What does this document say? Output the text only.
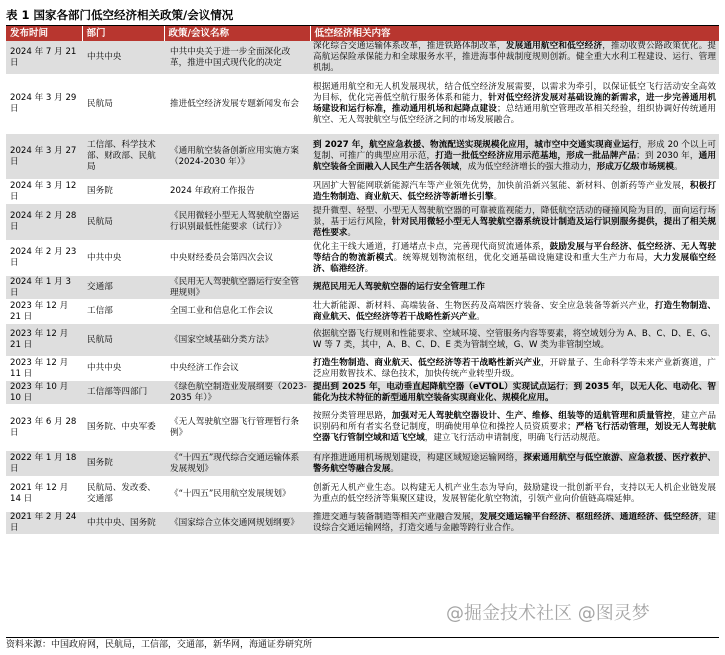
表 1 国家各部门低空经济相关政策/会议情况
发布时间	部门	政策/会议名称	低空经济相关内容
2024 年 7 月 21 日	中共中央	中共中央关于进一步全面深化改革，推进中国式现代化的决定	深化综合交通运输体系改革，推进铁路体制改革，发展通用航空和低空经济，推动收费公路政策优化。提高航运保险承保能力和全球服务水平，推进海事仲裁制度规则创新。健全重大水利工程建设、运行、管理机制。
2024 年 3 月 29 日	民航局	推进低空经济发展专题新闻发布会	根据通用航空和无人机发展现状，结合低空经济发展需要，以需求为牵引，以保证低空飞行活动安全高效为目标，优化完善低空航行服务体系和能力，针对低空经济发展对基础设施的新需求，进一步完善通用机场建设和运行标准，推动通用机场和起降点建设；总结通用航空管理改革相关经验，组织协调好传统通用航空、无人驾驶航空与低空经济之间的市场发展融合。
2024 年 3 月 27 日	工信部、科学技术部、财政部、民航局	《通用航空装备创新应用实施方案（2024-2030 年）》	到 2027 年，航空应急救援、物流配送实现规模化应用，城市空中交通实现商业运行，形成 20 个以上可复制、可推广的典型应用示范，打造一批低空经济应用示范基地，形成一批品牌产品；到 2030 年，通用航空装备全面融入人民生产生活各领域，成为低空经济增长的强大推动力，形成万亿级市场规模。
2024 年 3 月 12 日	国务院	2024 年政府工作报告	巩固扩大智能网联新能源汽车等产业领先优势，加快前沿新兴氢能、新材料、创新药等产业发展，积极打造生物制造、商业航天、低空经济等新增长引擎。
2024 年 2 月 28 日	民航局	《民用微轻小型无人驾驶航空器运行识别最低性能要求（试行）》	提升微型、轻型、小型无人驾驶航空器的可靠被监视能力，降低航空活动的碰撞风险为目的，面向运行场景，基于运行风险，针对民用微轻小型无人驾驶航空器系统设计制造及运行识别服务提供，提出了相关规范性要求。
2024 年 2 月 23 日	中共中央	中央财经委员会第四次会议	优化主干线大通道，打通堵点卡点，完善现代商贸流通体系，鼓励发展与平台经济、低空经济、无人驾驶等结合的物流新模式。统筹规划物流枢纽，优化交通基础设施建设和重大生产力布局，大力发展临空经济、临港经济。
2024 年 1 月 3 日	交通部	《民用无人驾驶航空器运行安全管理规则》	规范民用无人驾驶航空器的运行安全管理工作
2023 年 12 月 21 日	工信部	全国工业和信息化工作会议	壮大新能源、新材料、高端装备、生物医药及高端医疗装备、安全应急装备等新兴产业，打造生物制造、商业航天、低空经济等若干战略性新兴产业。
2023 年 12 月 21 日	民航局	《国家空域基础分类方法》	依据航空器飞行规则和性能要求、空域环境、空管服务内容等要素，将空域划分为 A、B、C、D、E、G、W 等 7 类，其中，A、B、C、D、E 类为管制空域，G、W 类为非管制空域。
2023 年 12 月 11 日	中共中央	中央经济工作会议	打造生物制造、商业航天、低空经济等若干战略性新兴产业，开辟量子、生命科学等未来产业新赛道，广泛应用数智技术、绿色技术，加快传统产业转型升级。
2023 年 10 月 10 日	工信部等四部门	《绿色航空制造业发展纲要（2023-2035 年）》	提出到 2025 年，电动垂直起降航空器（eVTOL）实现试点运行；到 2035 年，以无人化、电动化、智能化为技术特征的新型通用航空装备实现商业化、规模化应用。
2023 年 6 月 28 日	国务院、中央军委	《无人驾驶航空器飞行管理暂行条例》	按照分类管理思路，加强对无人驾驶航空器设计、生产、维修、组装等的适航管理和质量管控，建立产品识别码和所有者实名登记制度，明确使用单位和操控人员资质要求；严格飞行活动管理，划设无人驾驶航空器飞行管制空域和适飞空域，建立飞行活动申请制度，明确飞行活动规范。
2022 年 1 月 18 日	国务院	《“十四五”现代综合交通运输体系发展规划》	有序推进通用机场规划建设，构建区域短途运输网络，探索通用航空与低空旅游、应急救援、医疗救护、警务航空等融合发展。
2021 年 12 月 14 日	民航局、发改委、交通部	《“十四五”民用航空发展规划》	创新无人机产业生态。以构建无人机产业生态为导向，鼓励建设一批创新平台，支持以无人机企业链发展为重点的低空经济等集聚区建设，发展智能化航空物流，引领产业向价值链高端延伸。
2021 年 2 月 24 日	中共中央、国务院	《国家综合立体交通网规划纲要》	推进交通与装备制造等相关产业融合发展，发展交通运输平台经济、枢纽经济、通道经济、低空经济，建设综合交通运输网络，打造交通与金融等跨行业合作。
资料来源：中国政府网，民航局，工信部，交通部，新华网，海通证券研究所
@掘金技术社区 @图灵梦
